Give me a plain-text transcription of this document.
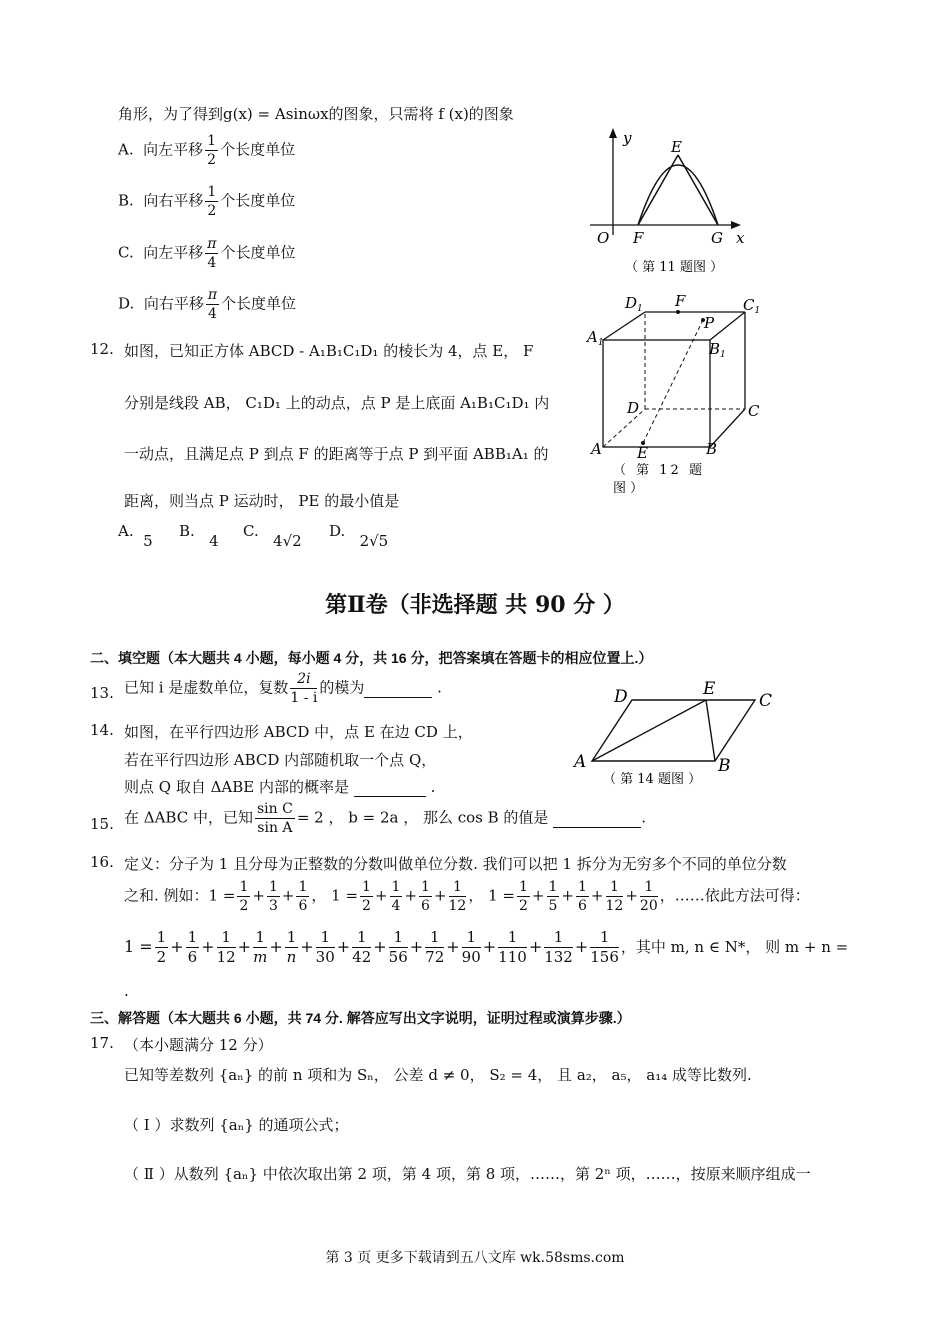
角形，为了得到g(x) = Asinωx的图象，只需将 f (x)的图象
A. 向左平移 $\frac{1}{2}$ 个长度单位
B. 向右平移 $\frac{1}{2}$ 个长度单位
C. 向左平移 $\frac{\pi}{4}$ 个长度单位
D. 向右平移 $\frac{\pi}{4}$ 个长度单位
y	E
O F	G x
（ 第 11 题图 ）
12. 如图，已知正方体 ABCD - A₁B₁C₁D₁ 的棱长为 4，点 E， F
分别是线段 AB， C₁D₁ 上的动点，点 P 是上底面 A₁B₁C₁D₁ 内
一动点，且满足点 P 到点 F 的距离等于点 P 到平面 ABB₁A₁ 的
距离，则当点 P 运动时， PE 的最小值是
A.  5
B.   4
C.   4√2
D.   2√5
$D_1$ F	$C_1$
P
$A_1$	$B_1$
D	C
A	B
E
（ 第 12 题
图 ）
第Ⅱ卷（非选择题 共 90 分 ）
二、填空题（本大题共 4 小题，每小题 4 分，共 16 分，把答案填在答题卡的相应位置上.）
13. 已知 i 是虚数单位，复数 $\frac{2i}{1 - i}$ 的模为	.
14. 如图，在平行四边形 ABCD 中，点 E 在边 CD 上，
若在平行四边形 ABCD 内部随机取一个点 Q，
则点 Q 取自 ΔABE 内部的概率是	.
D	E
C
A	B
（ 第 14 题图 ）
15. 在 ΔABC 中，已知 $\frac{\text{sin C}}{\text{sin A}} = 2$ ， b = 2a ， 那么 cos B 的值是	.
16. 定义：分子为 1 且分母为正整数的分数叫做单位分数. 我们可以把 1 拆分为无穷多个不同的单位分数
之和. 例如：$1 = \frac{1}{2} + \frac{1}{3} + \frac{1}{6}$ ， $1 = \frac{1}{2} + \frac{1}{4} + \frac{1}{6} + \frac{1}{12}$ ， $1 = \frac{1}{2} + \frac{1}{5} + \frac{1}{6} + \frac{1}{12} + \frac{1}{20}$ ，……依此方法可得：
$1 = \frac{1}{2} + \frac{1}{6} + \frac{1}{12} + \frac{1}{m} + \frac{1}{n} + \frac{1}{30} + \frac{1}{42} + \frac{1}{56} + \frac{1}{72} + \frac{1}{90} + \frac{1}{110} + \frac{1}{132} + \frac{1}{156}$ ，其中 m, n ∈ N*， 则 m + n =
.
三、解答题（本大题共 6 小题，共 74 分. 解答应写出文字说明，证明过程或演算步骤.）
17. （本小题满分 12 分）
已知等差数列 {aₙ} 的前 n 项和为 Sₙ， 公差 d ≠ 0， S₂ = 4， 且 a₂， a₅， a₁₄ 成等比数列.
（ Ⅰ ）求数列 {aₙ} 的通项公式；
（ Ⅱ ）从数列 {aₙ} 中依次取出第 2 项，第 4 项，第 8 项，……，第 2ⁿ 项，……，按原来顺序组成一
第 3 页 更多下载请到五八文库 wk.58sms.com
